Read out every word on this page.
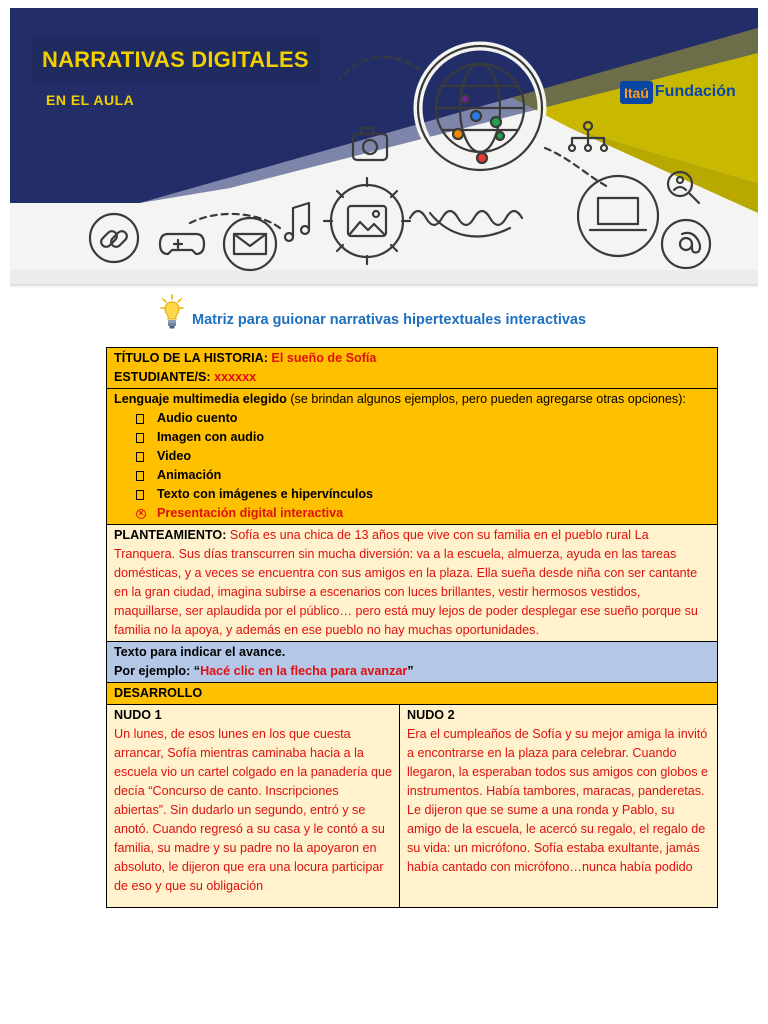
NARRATIVAS DIGITALES
EN EL AULA	Itaú Fundación
Matriz para guionar narrativas hipertextuales interactivas
TÍTULO DE LA HISTORIA: El sueño de Sofía
ESTUDIANTE/S: xxxxxx
Lenguaje multimedia elegido (se brindan algunos ejemplos, pero pueden agregarse otras opciones):
Audio cuento
Imagen con audio
Video
Animación
Texto con imágenes e hipervínculos
× Presentación digital interactiva
PLANTEAMIENTO: Sofía es una chica de 13 años que vive con su familia en el pueblo rural La Tranquera. Sus días transcurren sin mucha diversión: va a la escuela, almuerza, ayuda en las tareas domésticas, y a veces se encuentra con sus amigos en la plaza. Ella sueña desde niña con ser cantante en la gran ciudad, imagina subirse a escenarios con luces brillantes, vestir hermosos vestidos, maquillarse, ser aplaudida por el público… pero está muy lejos de poder desplegar ese sueño porque su familia no la apoya, y además en ese pueblo no hay muchas oportunidades.
Texto para indicar el avance.
Por ejemplo: “Hacé clic en la flecha para avanzar”
DESARROLLO
NUDO 1
Un lunes, de esos lunes en los que cuesta arrancar, Sofía mientras caminaba hacia a la escuela vio un cartel colgado en la panadería que decía “Concurso de canto. Inscripciones abiertas”. Sin dudarlo un segundo, entró y se anotó. Cuando regresó a su casa y le contó a su familia, su madre y su padre no la apoyaron en absoluto, le dijeron que era una locura participar de eso y que su obligación
NUDO 2
Era el cumpleaños de Sofía y su mejor amiga la invitó a encontrarse en la plaza para celebrar. Cuando llegaron, la esperaban todos sus amigos con globos e instrumentos. Había tambores, maracas, panderetas. Le dijeron que se sume a una ronda y Pablo, su amigo de la escuela, le acercó su regalo, el regalo de su vida: un micrófono. Sofía estaba exultante, jamás había cantado con micrófono…nunca había podido
